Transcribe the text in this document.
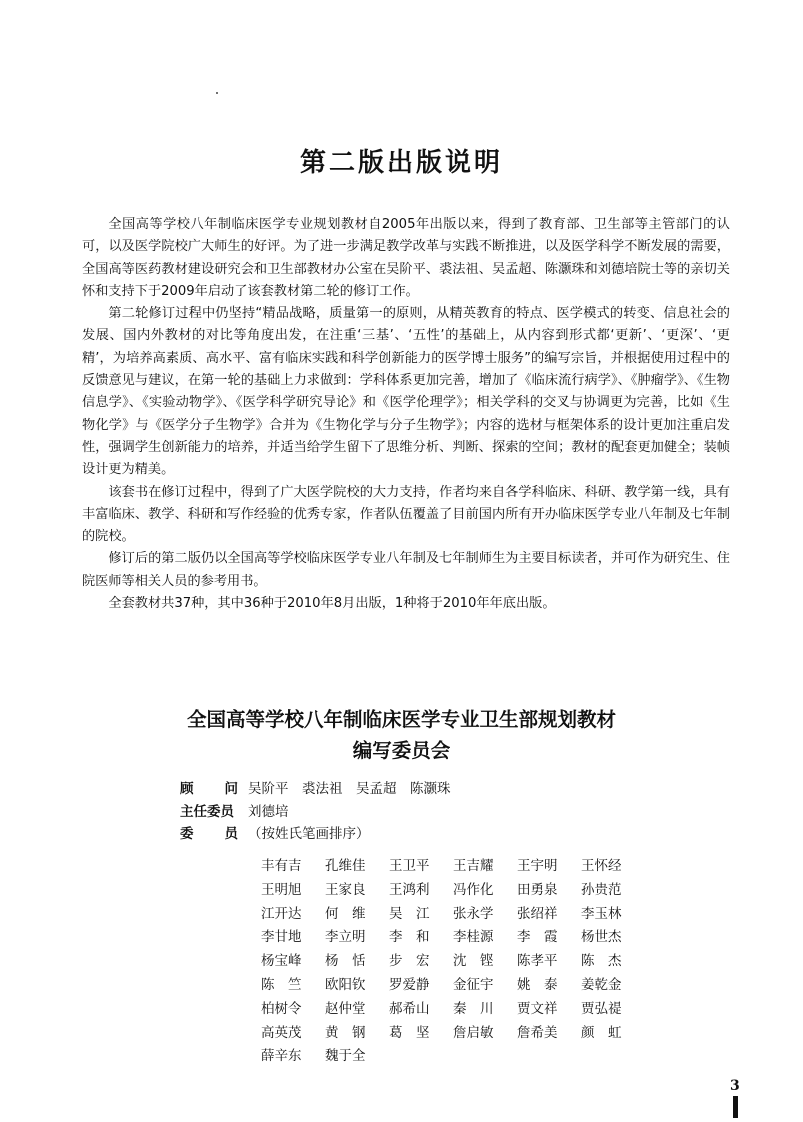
第二版出版说明

全国高等学校八年制临床医学专业规划教材自2005年出版以来，得到了教育部、卫生部等主管部门的认可，以及医学院校广大师生的好评。为了进一步满足教学改革与实践不断推进，以及医学科学不断发展的需要，全国高等医药教材建设研究会和卫生部教材办公室在吴阶平、裘法祖、吴孟超、陈灏珠和刘德培院士等的亲切关怀和支持下于2009年启动了该套教材第二轮的修订工作。

第二轮修订过程中仍坚持“精品战略，质量第一的原则，从精英教育的特点、医学模式的转变、信息社会的发展、国内外教材的对比等角度出发，在注重‘三基’、‘五性’的基础上，从内容到形式都‘更新’、‘更深’、‘更精’，为培养高素质、高水平、富有临床实践和科学创新能力的医学博士服务”的编写宗旨，并根据使用过程中的反馈意见与建议，在第一轮的基础上力求做到：学科体系更加完善，增加了《临床流行病学》、《肿瘤学》、《生物信息学》、《实验动物学》、《医学科学研究导论》和《医学伦理学》；相关学科的交叉与协调更为完善，比如《生物化学》与《医学分子生物学》合并为《生物化学与分子生物学》；内容的选材与框架体系的设计更加注重启发性，强调学生创新能力的培养，并适当给学生留下了思维分析、判断、探索的空间；教材的配套更加健全；装帧设计更为精美。

该套书在修订过程中，得到了广大医学院校的大力支持，作者均来自各学科临床、科研、教学第一线，具有丰富临床、教学、科研和写作经验的优秀专家，作者队伍覆盖了目前国内所有开办临床医学专业八年制及七年制的院校。

修订后的第二版仍以全国高等学校临床医学专业八年制及七年制师生为主要目标读者，并可作为研究生、住院医师等相关人员的参考用书。

全套教材共37种，其中36种于2010年8月出版，1种将于2010年年底出版。

全国高等学校八年制临床医学专业卫生部规划教材
编写委员会
顾 问 吴阶平　裘法祖　吴孟超　陈灏珠
主任委员	刘德培
委 员 （按姓氏笔画排序）
丰有吉	孔维佳	王卫平	王吉耀	王宇明	王怀经
王明旭	王家良	王鸿利	冯作化	田勇泉	孙贵范
江开达	何　维	吴　江	张永学	张绍祥	李玉林
李甘地	李立明	李　和	李桂源	李　霞	杨世杰
杨宝峰	杨　恬	步　宏	沈　铿	陈孝平	陈　杰
陈　竺	欧阳钦	罗爱静	金征宇	姚　泰	姜乾金
柏树令	赵仲堂	郝希山	秦　川	贾文祥	贾弘禔
高英茂	黄　钢	葛　坚	詹启敏	詹希美	颜　虹
薛辛东	魏于全
3
